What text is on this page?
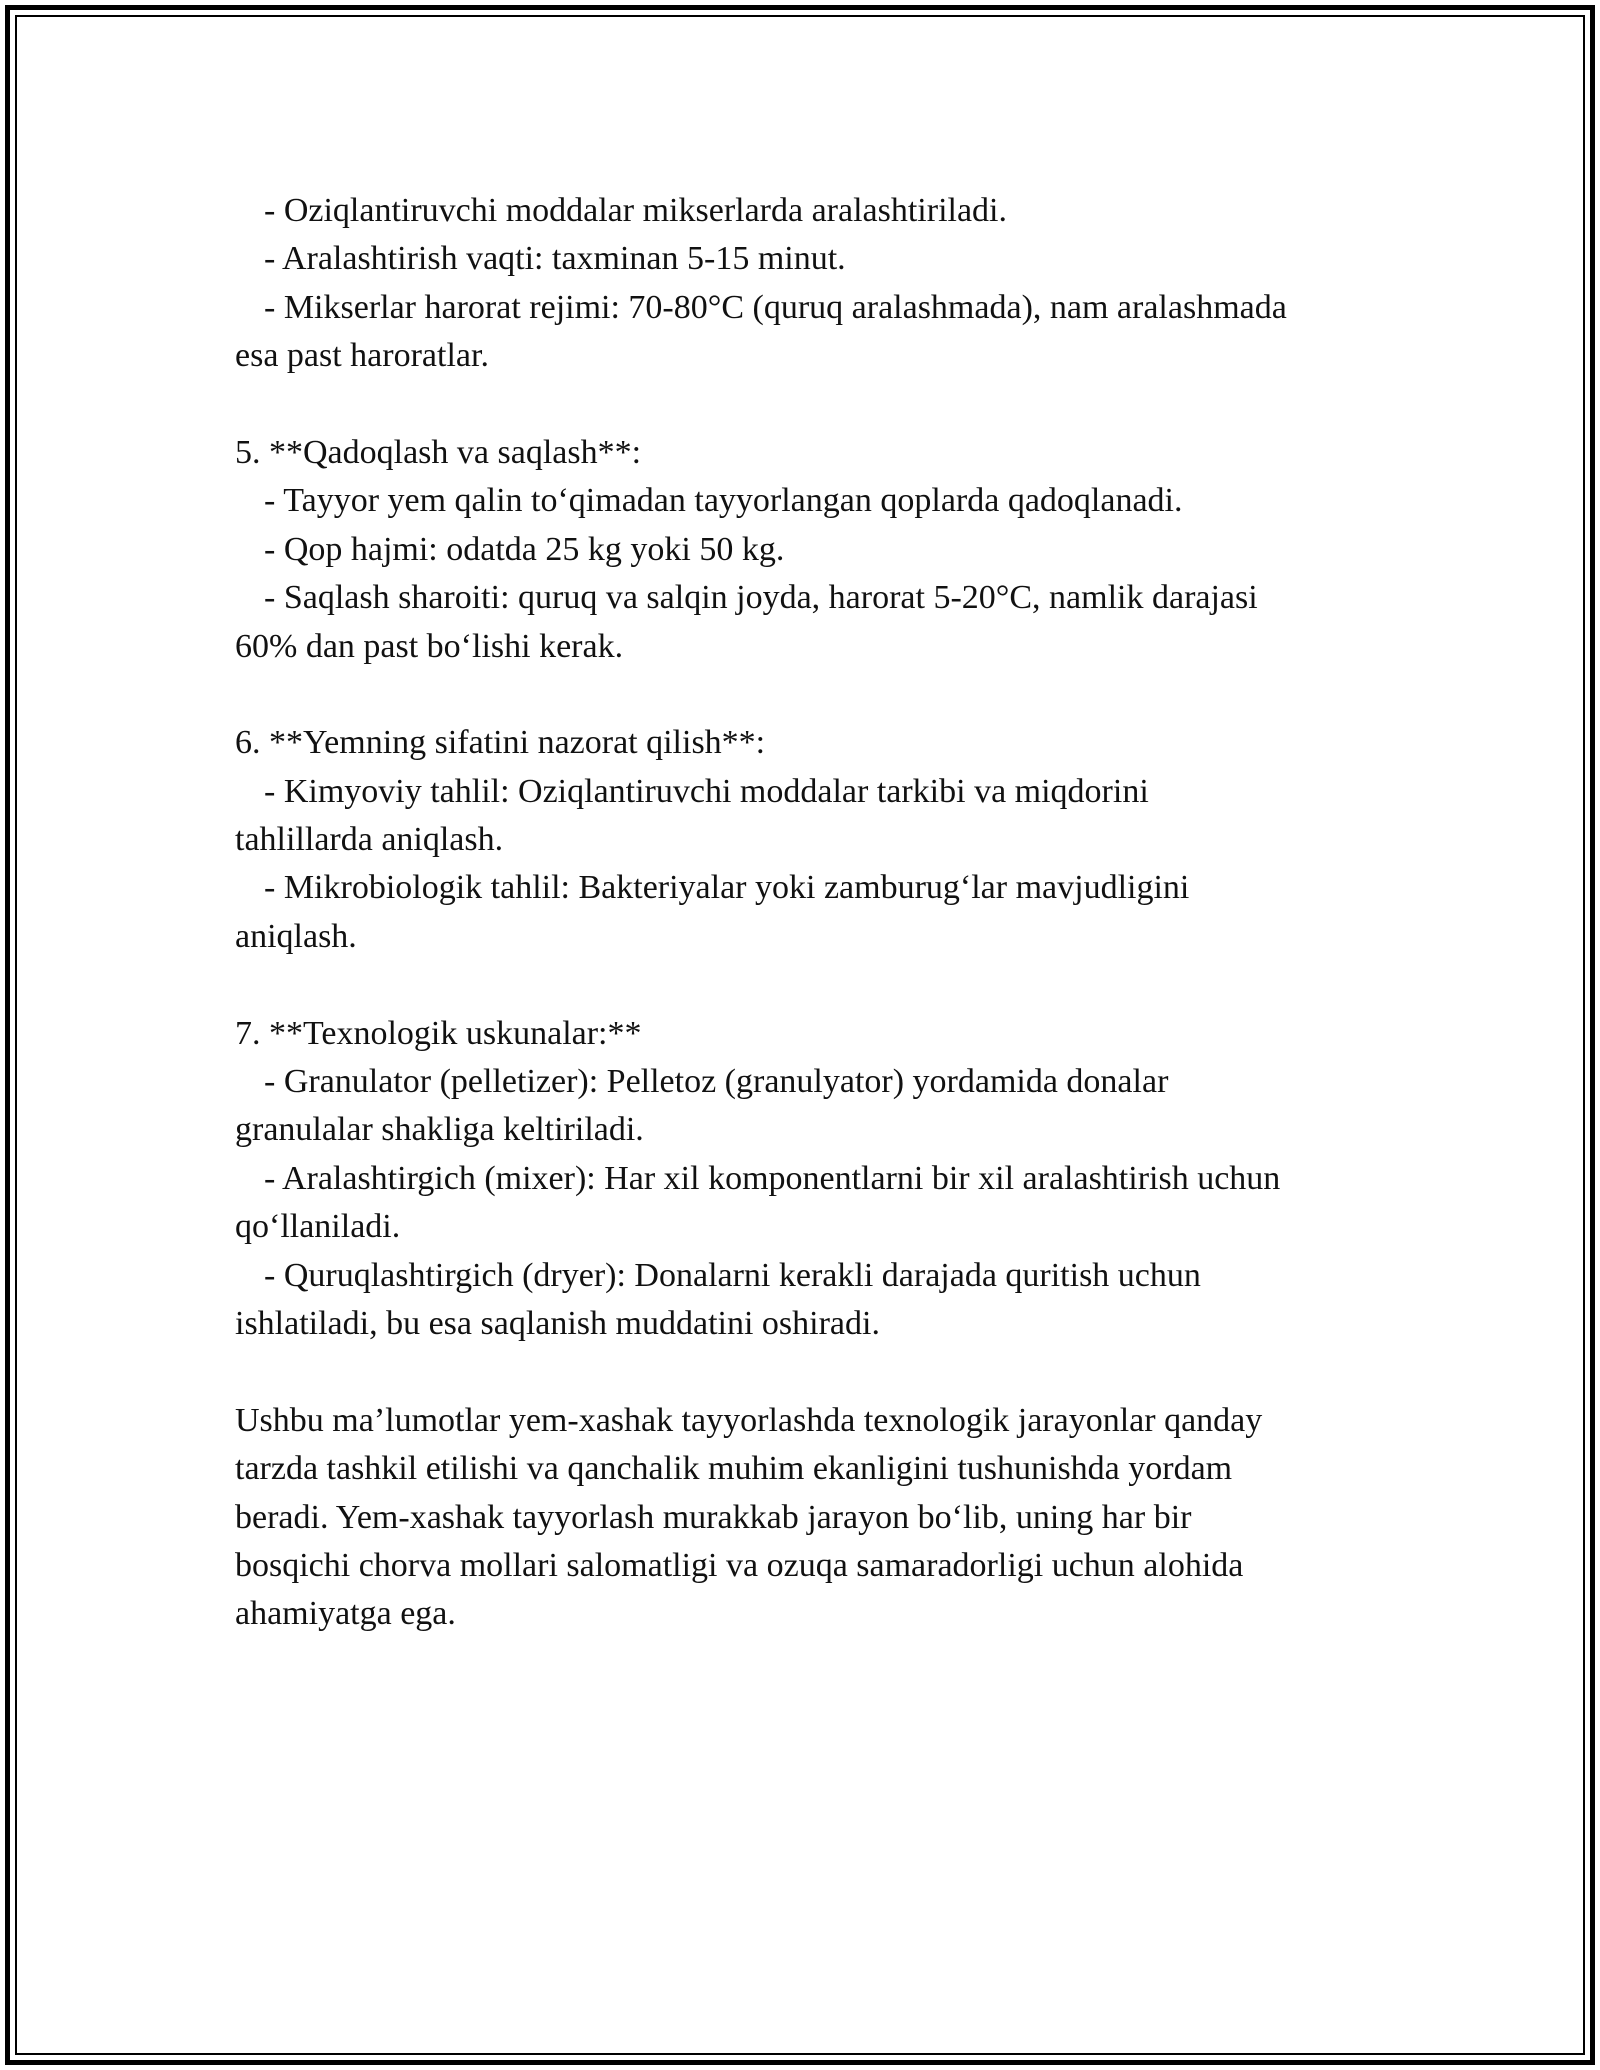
- Oziqlantiruvchi moddalar mikserlarda aralashtiriladi.
- Aralashtirish vaqti: taxminan 5-15 minut.
- Mikserlar harorat rejimi: 70-80°C (quruq aralashmada), nam aralashmada
esa past haroratlar.
5. **Qadoqlash va saqlash**:
- Tayyor yem qalin to‘qimadan tayyorlangan qoplarda qadoqlanadi.
- Qop hajmi: odatda 25 kg yoki 50 kg.
- Saqlash sharoiti: quruq va salqin joyda, harorat 5-20°C, namlik darajasi
60% dan past bo‘lishi kerak.
6. **Yemning sifatini nazorat qilish**:
- Kimyoviy tahlil: Oziqlantiruvchi moddalar tarkibi va miqdorini
tahlillarda aniqlash.
- Mikrobiologik tahlil: Bakteriyalar yoki zamburug‘lar mavjudligini
aniqlash.
7. **Texnologik uskunalar:**
- Granulator (pelletizer): Pelletoz (granulyator) yordamida donalar
granulalar shakliga keltiriladi.
- Aralashtirgich (mixer): Har xil komponentlarni bir xil aralashtirish uchun
qo‘llaniladi.
- Quruqlashtirgich (dryer): Donalarni kerakli darajada quritish uchun
ishlatiladi, bu esa saqlanish muddatini oshiradi.
Ushbu ma’lumotlar yem-xashak tayyorlashda texnologik jarayonlar qanday
tarzda tashkil etilishi va qanchalik muhim ekanligini tushunishda yordam
beradi. Yem-xashak tayyorlash murakkab jarayon bo‘lib, uning har bir
bosqichi chorva mollari salomatligi va ozuqa samaradorligi uchun alohida
ahamiyatga ega.
